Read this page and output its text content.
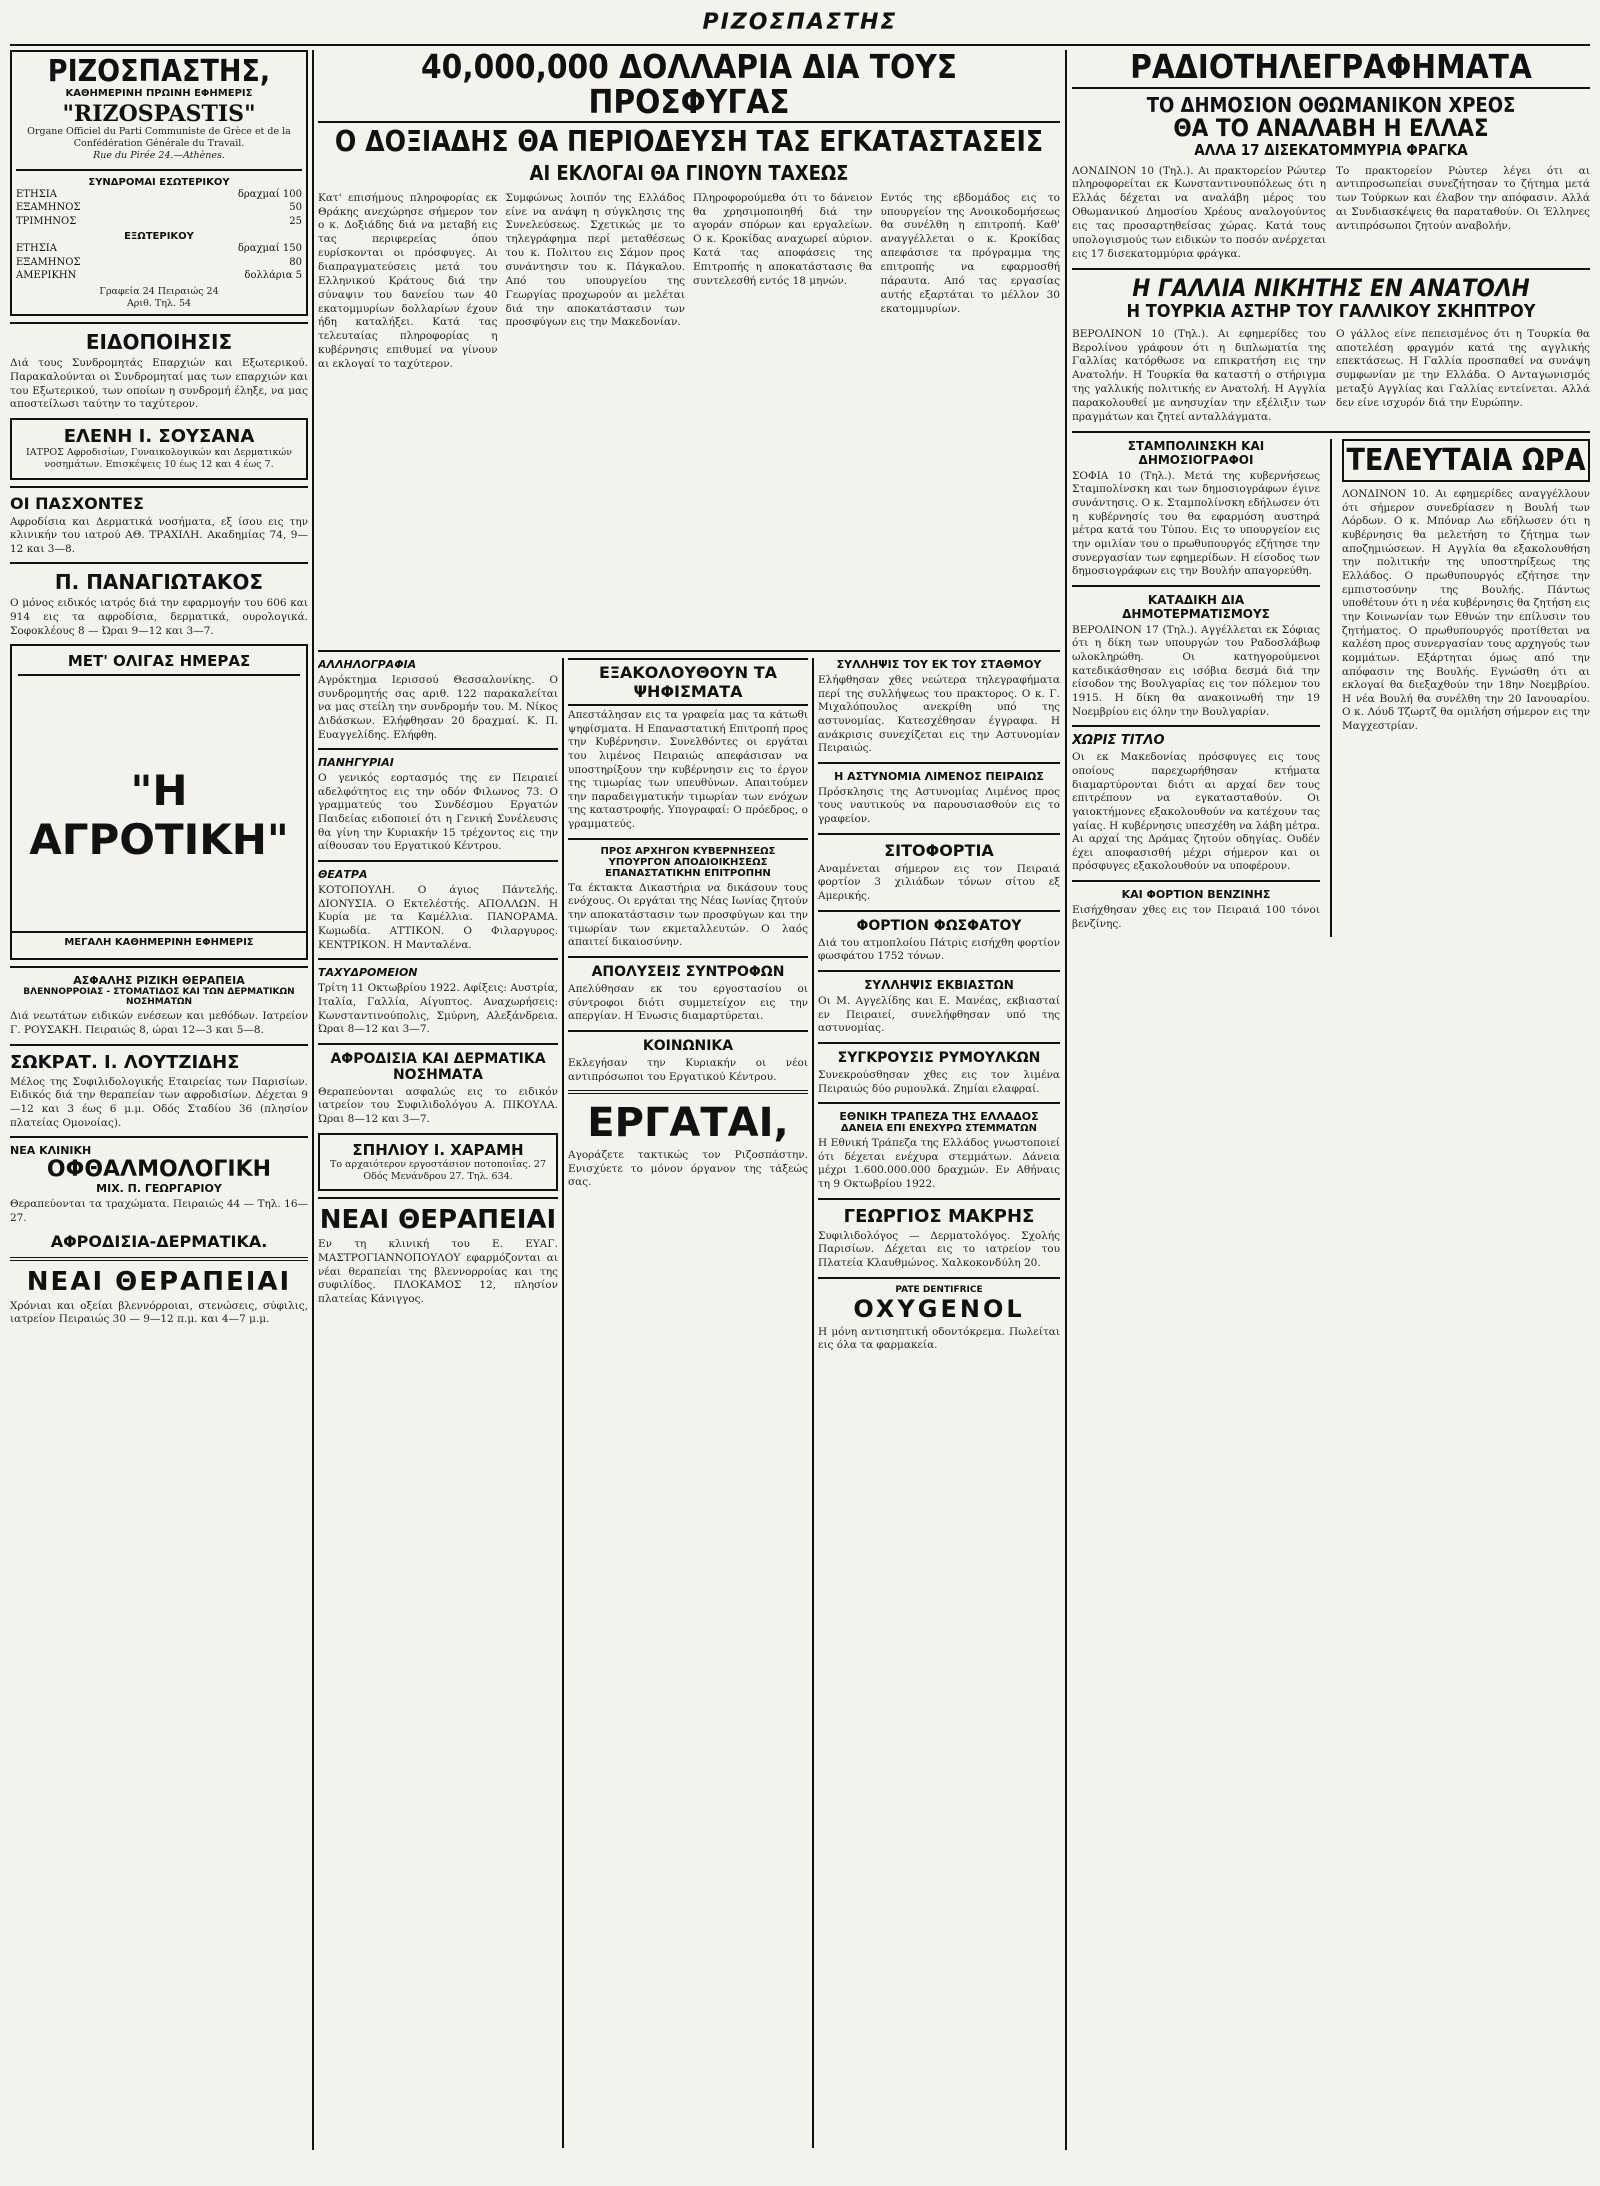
ΡΙΖΟΣΠΑΣΤΗΣ
ΡΙΖΟΣΠΑΣΤΗΣ,
ΚΑΘΗΜΕΡΙΝΗ ΠΡΩΙΝΗ ΕΦΗΜΕΡΙΣ
"RIZOSPASTIS"
Organe Officiel du Parti Communiste de Grèce et de la Confédération Générale du Travail.
Rue du Pirée 24.—Athènes.
ΣΥΝΔΡΟΜΑΙ ΕΣΩΤΕΡΙΚΟΥ
ΕΤΗΣΙΑ	δραχμαί 100
ΕΞΑΜΗΝΟΣ	50
ΤΡΙΜΗΝΟΣ	25
ΕΞΩΤΕΡΙΚΟΥ
ΕΤΗΣΙΑ	δραχμαί 150
ΕΞΑΜΗΝΟΣ	80
ΑΜΕΡΙΚΗΝ	δολλάρια 5
Γραφεία 24 Πειραιώς 24
Αριθ. Τηλ. 54
ΕΙΔΟΠΟΙΗΣΙΣ
Διά τους Συνδρομητάς Επαρχιών και Εξωτερικού. Παρακαλούνται οι Συνδρομηταί μας των επαρχιών και του Εξωτερικού, των οποίων η συνδρομή έληξε, να μας αποστείλωσι ταύτην το ταχύτερον.
ΕΛΕΝΗ Ι. ΣΟΥΣΑΝΑ
ΙΑΤΡΟΣ Αφροδισίων, Γυναικολογικών και Δερματικών νοσημάτων. Επισκέψεις 10 έως 12 και 4 έως 7.
ΟΙ ΠΑΣΧΟΝΤΕΣ
Αφροδίσια και Δερματικά νοσήματα, εξ ίσου εις την κλινικήν του ιατρού ΑΘ. ΤΡΑΧΙΛΗ. Ακαδημίας 74, 9—12 και 3—8.
Π. ΠΑΝΑΓΙΩΤΑΚΟΣ
Ο μόνος ειδικός ιατρός διά την εφαρμογήν του 606 και 914 εις τα αφροδίσια, δερματικά, ουρολογικά. Σοφοκλέους 8 — Ώραι 9—12 και 3—7.
ΜΕΤ' ΟΛΙΓΑΣ ΗΜΕΡΑΣ
"Η ΑΓΡΟΤΙΚΗ"
ΜΕΓΑΛΗ ΚΑΘΗΜΕΡΙΝΗ ΕΦΗΜΕΡΙΣ
ΑΣΦΑΛΗΣ ΡΙΖΙΚΗ ΘΕΡΑΠΕΙΑ
ΒΛΕΝΝΟΡΡΟΙΑΣ - ΣΤΟΜΑΤΙΔΟΣ ΚΑΙ ΤΩΝ ΔΕΡΜΑΤΙΚΩΝ ΝΟΣΗΜΑΤΩΝ
Διά νεωτάτων ειδικών ενέσεων και μεθόδων. Ιατρείον Γ. ΡΟΥΣΑΚΗ. Πειραιώς 8, ώραι 12—3 και 5—8.
ΣΩΚΡΑΤ. Ι. ΛΟΥΤΖΙΔΗΣ
Μέλος της Συφιλιδολογικής Εταιρείας των Παρισίων. Ειδικός διά την θεραπείαν των αφροδισίων. Δέχεται 9—12 και 3 έως 6 μ.μ. Οδός Σταδίου 36 (πλησίον πλατείας Ομονοίας).
ΝΕΑ ΚΛΙΝΙΚΗ
ΟΦΘΑΛΜΟΛΟΓΙΚΗ
ΜΙΧ. Π. ΓΕΩΡΓΑΡΙΟΥ
Θεραπεύονται τα τραχώματα. Πειραιώς 44 — Τηλ. 16—27.
ΑΦΡΟΔΙΣΙΑ-ΔΕΡΜΑΤΙΚΑ.
ΝΕΑΙ ΘΕΡΑΠΕΙΑΙ
Χρόνιαι και οξείαι βλεννόρροιαι, στενώσεις, σύφιλις, ιατρείον Πειραιώς 30 — 9—12 π.μ. και 4—7 μ.μ.
40,000,000 ΔΟΛΛΑΡΙΑ ΔΙΑ ΤΟΥΣ ΠΡΟΣΦΥΓΑΣ
Ο ΔΟΞΙΑΔΗΣ ΘΑ ΠΕΡΙΟΔΕΥΣΗ ΤΑΣ ΕΓΚΑΤΑΣΤΑΣΕΙΣ
ΑΙ ΕΚΛΟΓΑΙ ΘΑ ΓΙΝΟΥΝ ΤΑΧΕΩΣ
Κατ' επισήμους πληροφορίας εκ Θράκης ανεχώρησε σήμερον τον ο κ. Δοξιάδης διά να μεταβή εις τας περιφερείας όπου ευρίσκονται οι πρόσφυγες. Αι διαπραγματεύσεις μετά του Ελληνικού Κράτους διά την σύναψιν του δανείου των 40 εκατομμυρίων δολλαρίων έχουν ήδη καταλήξει. Κατά τας τελευταίας πληροφορίας η κυβέρνησις επιθυμεί να γίνουν αι εκλογαί το ταχύτερον.
Συμφώνως λοιπόν της Ελλάδος είνε να ανάψη η σύγκλησις της Συνελεύσεως. Σχετικώς με το τηλεγράφημα περί μεταθέσεως του κ. Πολιτου εις Σάμον προς συνάντησιν του κ. Πάγκαλου. Από του υπουργείου της Γεωργίας προχωρούν αι μελέται διά την αποκατάστασιν των προσφύγων εις την Μακεδονίαν.
Πληροφορούμεθα ότι το δάνειον θα χρησιμοποιηθή διά την αγοράν σπόρων και εργαλείων. Ο κ. Κροκίδας αναχωρεί αύριον. Κατά τας αποφάσεις της Επιτροπής η αποκατάστασις θα συντελεσθή εντός 18 μηνών.
Εντός της εβδομάδος εις το υπουργείον της Ανοικοδομήσεως θα συνέλθη η επιτροπή. Καθ' αναγγέλλεται ο κ. Κροκίδας απεφάσισε τα πρόγραμμα της επιτροπής να εφαρμοσθή πάραυτα. Από τας εργασίας αυτής εξαρτάται το μέλλον 30 εκατομμυρίων.
ΑΛΛΗΛΟΓΡΑΦΙΑ
Αγρόκτημα Ιερισσού Θεσσαλονίκης. Ο συνδρομητής σας αριθ. 122 παρακαλείται να μας στείλη την συνδρομήν του. Μ. Νίκος Διδάσκων. Ελήφθησαν 20 δραχμαί. Κ. Π. Ευαγγελίδης. Ελήφθη.
ΠΑΝΗΓΥΡΙΑΙ
Ο γενικός εορτασμός της εν Πειραιεί αδελφότητος εις την οδόν Φιλωνος 73. Ο γραμματεύς του Συνδέσμου Εργατών Παιδείας ειδοποιεί ότι η Γενική Συνέλευσις θα γίνη την Κυριακήν 15 τρέχοντος εις την αίθουσαν του Εργατικού Κέντρου.
ΘΕΑΤΡΑ
ΚΟΤΟΠΟΥΛΗ. Ο άγιος Πάντελής. ΔΙΟΝΥΣΙΑ. Ο Εκτελέστής. ΑΠΟΛΛΩΝ. Η Κυρία με τα Καμέλλια. ΠΑΝΟΡΑΜΑ. Κωμωδία. ΑΤΤΙΚΟΝ. Ο Φιλαργυρος. ΚΕΝΤΡΙΚΟΝ. Η Μανταλένα.
ΤΑΧΥΔΡΟΜΕΙΟΝ
Τρίτη 11 Οκτωβρίου 1922. Αφίξεις: Αυστρία, Ιταλία, Γαλλία, Αίγυπτος. Αναχωρήσεις: Κωνσταντινούπολις, Σμύρνη, Αλεξάνδρεια. Ώραι 8—12 και 3—7.
ΑΦΡΟΔΙΣΙΑ ΚΑΙ ΔΕΡΜΑΤΙΚΑ ΝΟΣΗΜΑΤΑ
Θεραπεύονται ασφαλώς εις το ειδικόν ιατρείον του Συφιλιδολόγου Α. ΠΙΚΟΥΛΑ. Ώραι 8—12 και 3—7.
ΣΠΗΛΙΟΥ Ι. ΧΑΡΑΜΗ
Το αρχαιότερον εργοστάσιον ποτοποιΐας. 27 Οδός Μενάνδρου 27. Τηλ. 634.
ΝΕΑΙ ΘΕΡΑΠΕΙΑΙ
Εν τη κλινική του Ε. ΕΥΑΓ. ΜΑΣΤΡΟΓΙΑΝΝΟΠΟΥΛΟΥ εφαρμόζονται αι νέαι θεραπείαι της βλεννορροίας και της συφιλίδος. ΠΛΟΚΑΜΟΣ 12, πλησίον πλατείας Κάνιγγος.
ΕΞΑΚΟΛΟΥΘΟΥΝ ΤΑ ΨΗΦΙΣΜΑΤΑ
Απεστάλησαν εις τα γραφεία μας τα κάτωθι ψηφίσματα. Η Επαναστατική Επιτροπή προς την Κυβέρνησιν. Συνελθόντες οι εργάται του λιμένος Πειραιώς απεφάσισαν να υποστηρίξουν την κυβέρνησιν εις το έργον της τιμωρίας των υπευθύνων. Απαιτούμεν την παραδειγματικήν τιμωρίαν των ενόχων της καταστροφής. Υπογραφαί: Ο πρόεδρος, ο γραμματεύς.
ΠΡΟΣ ΑΡΧΗΓΟΝ ΚΥΒΕΡΝΗΣΕΩΣ ΥΠΟΥΡΓΟΝ ΑΠΟΔΙΟΙΚΗΣΕΩΣ ΕΠΑΝΑΣΤΑΤΙΚΗΝ ΕΠΙΤΡΟΠΗΝ
Τα έκτακτα Δικαστήρια να δικάσουν τους ενόχους. Οι εργάται της Νέας Ιωνίας ζητούν την αποκατάστασιν των προσφύγων και την τιμωρίαν των εκμεταλλευτών. Ο λαός απαιτεί δικαιοσύνην.
ΑΠΟΛΥΣΕΙΣ ΣΥΝΤΡΟΦΩΝ
Απελύθησαν εκ του εργοστασίου οι σύντροφοι διότι συμμετείχον εις την απεργίαν. Η Ένωσις διαμαρτύρεται.
ΚΟΙΝΩΝΙΚΑ
Εκλεγήσαν την Κυριακήν οι νέοι αντιπρόσωποι του Εργατικού Κέντρου.
ΕΡΓΑΤΑΙ,
Αγοράζετε τακτικώς τον Ριζοσπάστην. Ενισχύετε το μόνον όργανον της τάξεώς σας.
ΣΥΛΛΗΨΙΣ ΤΟΥ ΕΚ ΤΟΥ ΣΤΑΘΜΟΥ
Ελήφθησαν χθες νεώτερα τηλεγραφήματα περί της συλλήψεως του πρακτορος. Ο κ. Γ. Μιχαλόπουλος ανεκρίθη υπό της αστυνομίας. Κατεσχέθησαν έγγραφα. Η ανάκρισις συνεχίζεται εις την Αστυνομίαν Πειραιώς.
Η ΑΣΤΥΝΟΜΙΑ ΛΙΜΕΝΟΣ ΠΕΙΡΑΙΩΣ
Πρόσκλησις της Αστυνομίας Λιμένος προς τους ναυτικούς να παρουσιασθούν εις το γραφείον.
ΣΙΤΟΦΟΡΤΙΑ
Αναμένεται σήμερον εις τον Πειραιά φορτίον 3 χιλιάδων τόνων σίτου εξ Αμερικής.
ΦΟΡΤΙΟΝ ΦΩΣΦΑΤΟΥ
Διά του ατμοπλοίου Πάτρις εισήχθη φορτίον φωσφάτου 1752 τόνων.
ΣΥΛΛΗΨΙΣ ΕΚΒΙΑΣΤΩΝ
Οι Μ. Αγγελίδης και Ε. Μανέας, εκβιασταί εν Πειραιεί, συνελήφθησαν υπό της αστυνομίας.
ΣΥΓΚΡΟΥΣΙΣ ΡΥΜΟΥΛΚΩΝ
Συνεκρούσθησαν χθες εις τον λιμένα Πειραιώς δύο ρυμουλκά. Ζημίαι ελαφραί.
ΕΘΝΙΚΗ ΤΡΑΠΕΖΑ ΤΗΣ ΕΛΛΑΔΟΣ
ΔΑΝΕΙΑ ΕΠΙ ΕΝΕΧΥΡΩ ΣΤΕΜΜΑΤΩΝ
Η Εθνική Τράπεζα της Ελλάδος γνωστοποιεί ότι δέχεται ενέχυρα στεμμάτων. Δάνεια μέχρι 1.600.000.000 δραχμών. Εν Αθήναις τη 9 Οκτωβρίου 1922.
ΓΕΩΡΓΙΟΣ ΜΑΚΡΗΣ
Συφιλιδολόγος — Δερματολόγος. Σχολής Παρισίων. Δέχεται εις το ιατρείον του Πλατεία Κλαυθμώνος. Χαλκοκονδύλη 20.
PATE DENTIFRICE
OXYGENOL
Η μόνη αντισηπτική οδοντόκρεμα. Πωλείται εις όλα τα φαρμακεία.
ΡΑΔΙΟΤΗΛΕΓΡΑΦΗΜΑΤΑ
ΤΟ ΔΗΜΟΣΙΟΝ ΟΘΩΜΑΝΙΚΟΝ ΧΡΕΟΣ
ΘΑ ΤΟ ΑΝΑΛΑΒΗ Η ΕΛΛΑΣ
ΑΛΛΑ 17 ΔΙΣΕΚΑΤΟΜΜΥΡΙΑ ΦΡΑΓΚΑ
ΛΟΝΔΙΝΟΝ 10 (Τηλ.). Αι πρακτορείον Ρώυτερ πληροφορείται εκ Κωνσταντινουπόλεως ότι η Ελλάς δέχεται να αναλάβη μέρος του Οθωμανικού Δημοσίου Χρέους αναλογούντος εις τας προσαρτηθείσας χώρας. Κατά τους υπολογισμούς των ειδικών το ποσόν ανέρχεται εις 17 δισεκατομμύρια φράγκα.
Το πρακτορείον Ρώυτερ λέγει ότι αι αντιπροσωπείαι συνεζήτησαν το ζήτημα μετά των Τούρκων και έλαβον την απόφασιν. Αλλά αι Συνδιασκέψεις θα παραταθούν. Οι Έλληνες αντιπρόσωποι ζητούν αναβολήν.
Η ΓΑΛΛΙΑ ΝΙΚΗΤΗΣ ΕΝ ΑΝΑΤΟΛΗ
Η ΤΟΥΡΚΙΑ ΑΣΤΗΡ ΤΟΥ ΓΑΛΛΙΚΟΥ ΣΚΗΠΤΡΟΥ
ΒΕΡΟΛΙΝΟΝ 10 (Τηλ.). Αι εφημερίδες του Βερολίνου γράφουν ότι η διπλωματία της Γαλλίας κατόρθωσε να επικρατήση εις την Ανατολήν. Η Τουρκία θα καταστή ο στήριγμα της γαλλικής πολιτικής εν Ανατολή. Η Αγγλία παρακολουθεί με ανησυχίαν την εξέλιξιν των πραγμάτων και ζητεί ανταλλάγματα.
Ο γάλλος είνε πεπεισμένος ότι η Τουρκία θα αποτελέση φραγμόν κατά της αγγλικής επεκτάσεως. Η Γαλλία προσπαθεί να συνάψη συμφωνίαν με την Ελλάδα. Ο Ανταγωνισμός μεταξύ Αγγλίας και Γαλλίας εντείνεται. Αλλά δεν είνε ισχυρόν διά την Ευρώπην.
ΣΤΑΜΠΟΛΙΝΣΚΗ ΚΑΙ ΔΗΜΟΣΙΟΓΡΑΦΟΙ
ΣΟΦΙΑ 10 (Τηλ.). Μετά της κυβερνήσεως Σταμπολίνσκη και των δημοσιογράφων έγινε συνάντησις. Ο κ. Σταμπολίνσκη εδήλωσεν ότι η κυβέρνησίς του θα εφαρμόση αυστηρά μέτρα κατά του Τύπου. Εις το υπουργείον εις την ομιλίαν του ο πρωθυπουργός εζήτησε την συνεργασίαν των εφημερίδων. Η είσοδος των δημοσιογράφων εις την Βουλήν απαγορεύθη.
ΚΑΤΑΔΙΚΗ ΔΙΑ ΔΗΜΟΤΕΡΜΑΤΙΣΜΟΥΣ
ΒΕΡΟΛΙΝΟΝ 17 (Τηλ.). Αγγέλλεται εκ Σόφιας ότι η δίκη των υπουργών του Ραδοσλάβωφ ωλοκληρώθη. Οι κατηγορούμενοι κατεδικάσθησαν εις ισόβια δεσμά διά την είσοδον της Βουλγαρίας εις τον πόλεμον του 1915. Η δίκη θα ανακοινωθή την 19 Νοεμβρίου εις όλην την Βουλγαρίαν.
ΧΩΡΙΣ ΤΙΤΛΟ
Οι εκ Μακεδονίας πρόσφυγες εις τους οποίους παρεχωρήθησαν κτήματα διαμαρτύρονται διότι αι αρχαί δεν τους επιτρέπουν να εγκατασταθούν. Οι γαιοκτήμονες εξακολουθούν να κατέχουν τας γαίας. Η κυβέρνησις υπεσχέθη να λάβη μέτρα. Αι αρχαί της Δράμας ζητούν οδηγίας. Ουδέν έχει αποφασισθή μέχρι σήμερον και οι πρόσφυγες εξακολουθούν να υποφέρουν.
ΚΑΙ ΦΟΡΤΙΟΝ ΒΕΝΖΙΝΗΣ
Εισήχθησαν χθες εις τον Πειραιά 100 τόνοι βενζίνης.
ΤΕΛΕΥΤΑΙΑ ΩΡΑ
ΛΟΝΔΙΝΟΝ 10. Αι εφημερίδες αναγγέλλουν ότι σήμερον συνεδρίασεν η Βουλή των Λόρδων. Ο κ. Μπόναρ Λω εδήλωσεν ότι η κυβέρνησις θα μελετήση το ζήτημα των αποζημιώσεων. Η Αγγλία θα εξακολουθήση την πολιτικήν της υποστηρίξεως της Ελλάδος. Ο πρωθυπουργός εζήτησε την εμπιστοσύνην της Βουλής. Πάντως υποθέτουν ότι η νέα κυβέρνησις θα ζητήση εις την Κοινωνίαν των Εθνών την επίλυσιν του ζητήματος. Ο πρωθυπουργός προτίθεται να καλέση προς συνεργασίαν τους αρχηγούς των κομμάτων. Εξάρτηται όμως από την απόφασιν της Βουλής. Εγνώσθη ότι αι εκλογαί θα διεξαχθούν την 18ην Νοεμβρίου. Η νέα Βουλή θα συνέλθη την 20 Ιανουαρίου. Ο κ. Λόυδ Τζωρτζ θα ομιλήση σήμερον εις την Μαγχεστρίαν.
